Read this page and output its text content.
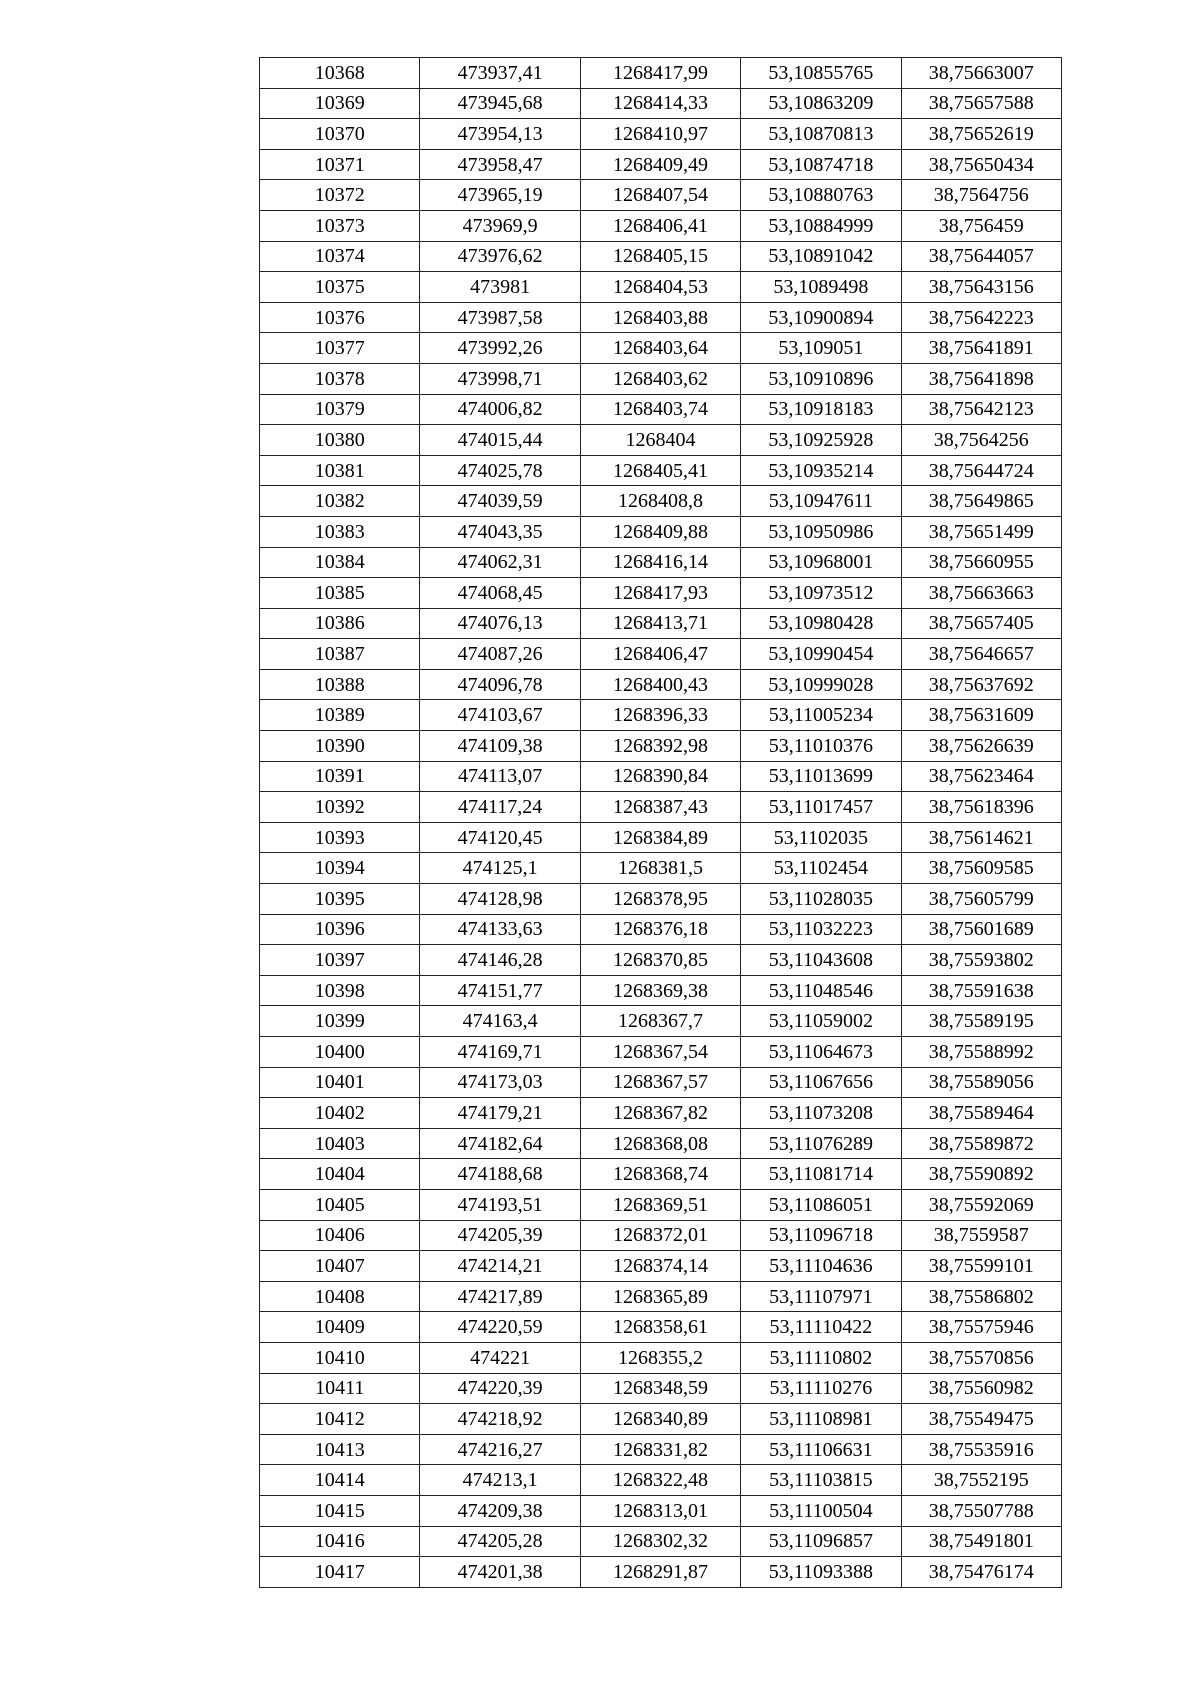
10368	473937,41	1268417,99	53,10855765	38,75663007
10369	473945,68	1268414,33	53,10863209	38,75657588
10370	473954,13	1268410,97	53,10870813	38,75652619
10371	473958,47	1268409,49	53,10874718	38,75650434
10372	473965,19	1268407,54	53,10880763	38,7564756
10373	473969,9	1268406,41	53,10884999	38,756459
10374	473976,62	1268405,15	53,10891042	38,75644057
10375	473981	1268404,53	53,1089498	38,75643156
10376	473987,58	1268403,88	53,10900894	38,75642223
10377	473992,26	1268403,64	53,109051	38,75641891
10378	473998,71	1268403,62	53,10910896	38,75641898
10379	474006,82	1268403,74	53,10918183	38,75642123
10380	474015,44	1268404	53,10925928	38,7564256
10381	474025,78	1268405,41	53,10935214	38,75644724
10382	474039,59	1268408,8	53,10947611	38,75649865
10383	474043,35	1268409,88	53,10950986	38,75651499
10384	474062,31	1268416,14	53,10968001	38,75660955
10385	474068,45	1268417,93	53,10973512	38,75663663
10386	474076,13	1268413,71	53,10980428	38,75657405
10387	474087,26	1268406,47	53,10990454	38,75646657
10388	474096,78	1268400,43	53,10999028	38,75637692
10389	474103,67	1268396,33	53,11005234	38,75631609
10390	474109,38	1268392,98	53,11010376	38,75626639
10391	474113,07	1268390,84	53,11013699	38,75623464
10392	474117,24	1268387,43	53,11017457	38,75618396
10393	474120,45	1268384,89	53,1102035	38,75614621
10394	474125,1	1268381,5	53,1102454	38,75609585
10395	474128,98	1268378,95	53,11028035	38,75605799
10396	474133,63	1268376,18	53,11032223	38,75601689
10397	474146,28	1268370,85	53,11043608	38,75593802
10398	474151,77	1268369,38	53,11048546	38,75591638
10399	474163,4	1268367,7	53,11059002	38,75589195
10400	474169,71	1268367,54	53,11064673	38,75588992
10401	474173,03	1268367,57	53,11067656	38,75589056
10402	474179,21	1268367,82	53,11073208	38,75589464
10403	474182,64	1268368,08	53,11076289	38,75589872
10404	474188,68	1268368,74	53,11081714	38,75590892
10405	474193,51	1268369,51	53,11086051	38,75592069
10406	474205,39	1268372,01	53,11096718	38,7559587
10407	474214,21	1268374,14	53,11104636	38,75599101
10408	474217,89	1268365,89	53,11107971	38,75586802
10409	474220,59	1268358,61	53,11110422	38,75575946
10410	474221	1268355,2	53,11110802	38,75570856
10411	474220,39	1268348,59	53,11110276	38,75560982
10412	474218,92	1268340,89	53,11108981	38,75549475
10413	474216,27	1268331,82	53,11106631	38,75535916
10414	474213,1	1268322,48	53,11103815	38,7552195
10415	474209,38	1268313,01	53,11100504	38,75507788
10416	474205,28	1268302,32	53,11096857	38,75491801
10417	474201,38	1268291,87	53,11093388	38,75476174
